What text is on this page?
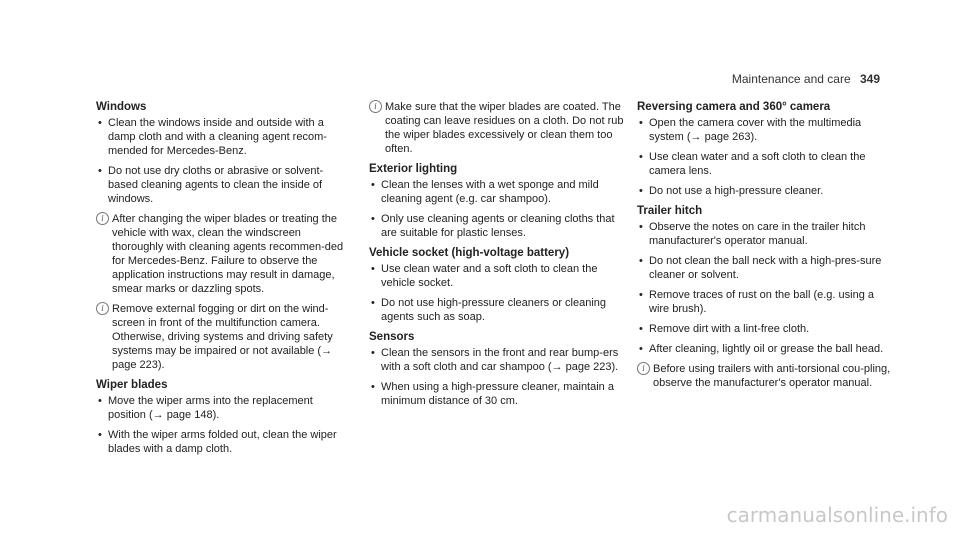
Maintenance and care 349
Windows
• Clean the windows inside and outside with a damp cloth and with a cleaning agent recom-mended for Mercedes-Benz.
• Do not use dry cloths or abrasive or solvent-based cleaning agents to clean the inside of windows.
i After changing the wiper blades or treating the vehicle with wax, clean the windscreen thoroughly with cleaning agents recommen-ded for Mercedes-Benz. Failure to observe the application instructions may result in damage, smear marks or dazzling spots.
i Remove external fogging or dirt on the wind-screen in front of the multifunction camera. Otherwise, driving systems and driving safety systems may be impaired or not available (→ page 223).
Wiper blades
• Move the wiper arms into the replacement position (→ page 148).
• With the wiper arms folded out, clean the wiper blades with a damp cloth.
i Make sure that the wiper blades are coated. The coating can leave residues on a cloth. Do not rub the wiper blades excessively or clean them too often.
Exterior lighting
• Clean the lenses with a wet sponge and mild cleaning agent (e.g. car shampoo).
• Only use cleaning agents or cleaning cloths that are suitable for plastic lenses.
Vehicle socket (high-voltage battery)
• Use clean water and a soft cloth to clean the vehicle socket.
• Do not use high-pressure cleaners or cleaning agents such as soap.
Sensors
• Clean the sensors in the front and rear bump-ers with a soft cloth and car shampoo (→ page 223).
• When using a high-pressure cleaner, maintain a minimum distance of 30 cm.
Reversing camera and 360° camera
• Open the camera cover with the multimedia system (→ page 263).
• Use clean water and a soft cloth to clean the camera lens.
• Do not use a high-pressure cleaner.
Trailer hitch
• Observe the notes on care in the trailer hitch manufacturer's operator manual.
• Do not clean the ball neck with a high-pres-sure cleaner or solvent.
• Remove traces of rust on the ball (e.g. using a wire brush).
• Remove dirt with a lint-free cloth.
• After cleaning, lightly oil or grease the ball head.
i Before using trailers with anti-torsional cou-pling, observe the manufacturer's operator manual.
carmanualsonline.info
